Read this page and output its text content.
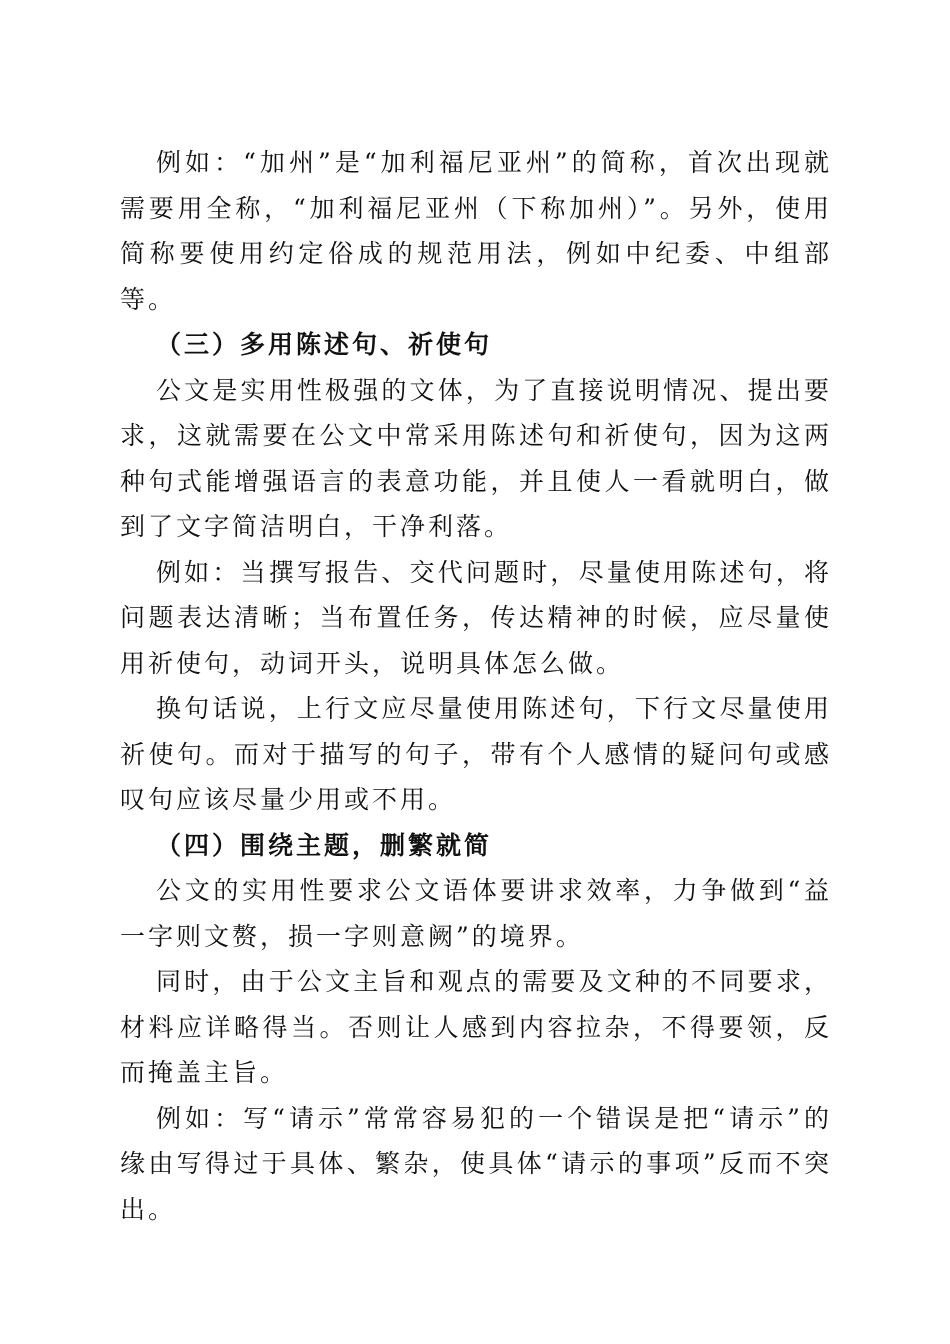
例如：“加州”是“加利福尼亚州”的简称，首次出现就需要用全称，“加利福尼亚州（下称加州）”。另外，使用简称要使用约定俗成的规范用法，例如中纪委、中组部等。

（三）多用陈述句、祈使句

公文是实用性极强的文体，为了直接说明情况、提出要求，这就需要在公文中常采用陈述句和祈使句，因为这两种句式能增强语言的表意功能，并且使人一看就明白，做到了文字简洁明白，干净利落。

例如：当撰写报告、交代问题时，尽量使用陈述句，将问题表达清晰；当布置任务，传达精神的时候，应尽量使用祈使句，动词开头，说明具体怎么做。

换句话说，上行文应尽量使用陈述句，下行文尽量使用祈使句。而对于描写的句子，带有个人感情的疑问句或感叹句应该尽量少用或不用。

（四）围绕主题，删繁就简

公文的实用性要求公文语体要讲求效率，力争做到“益一字则文赘，损一字则意阙”的境界。

同时，由于公文主旨和观点的需要及文种的不同要求，材料应详略得当。否则让人感到内容拉杂，不得要领，反而掩盖主旨。

例如：写“请示”常常容易犯的一个错误是把“请示”的缘由写得过于具体、繁杂，使具体“请示的事项”反而不突出。
